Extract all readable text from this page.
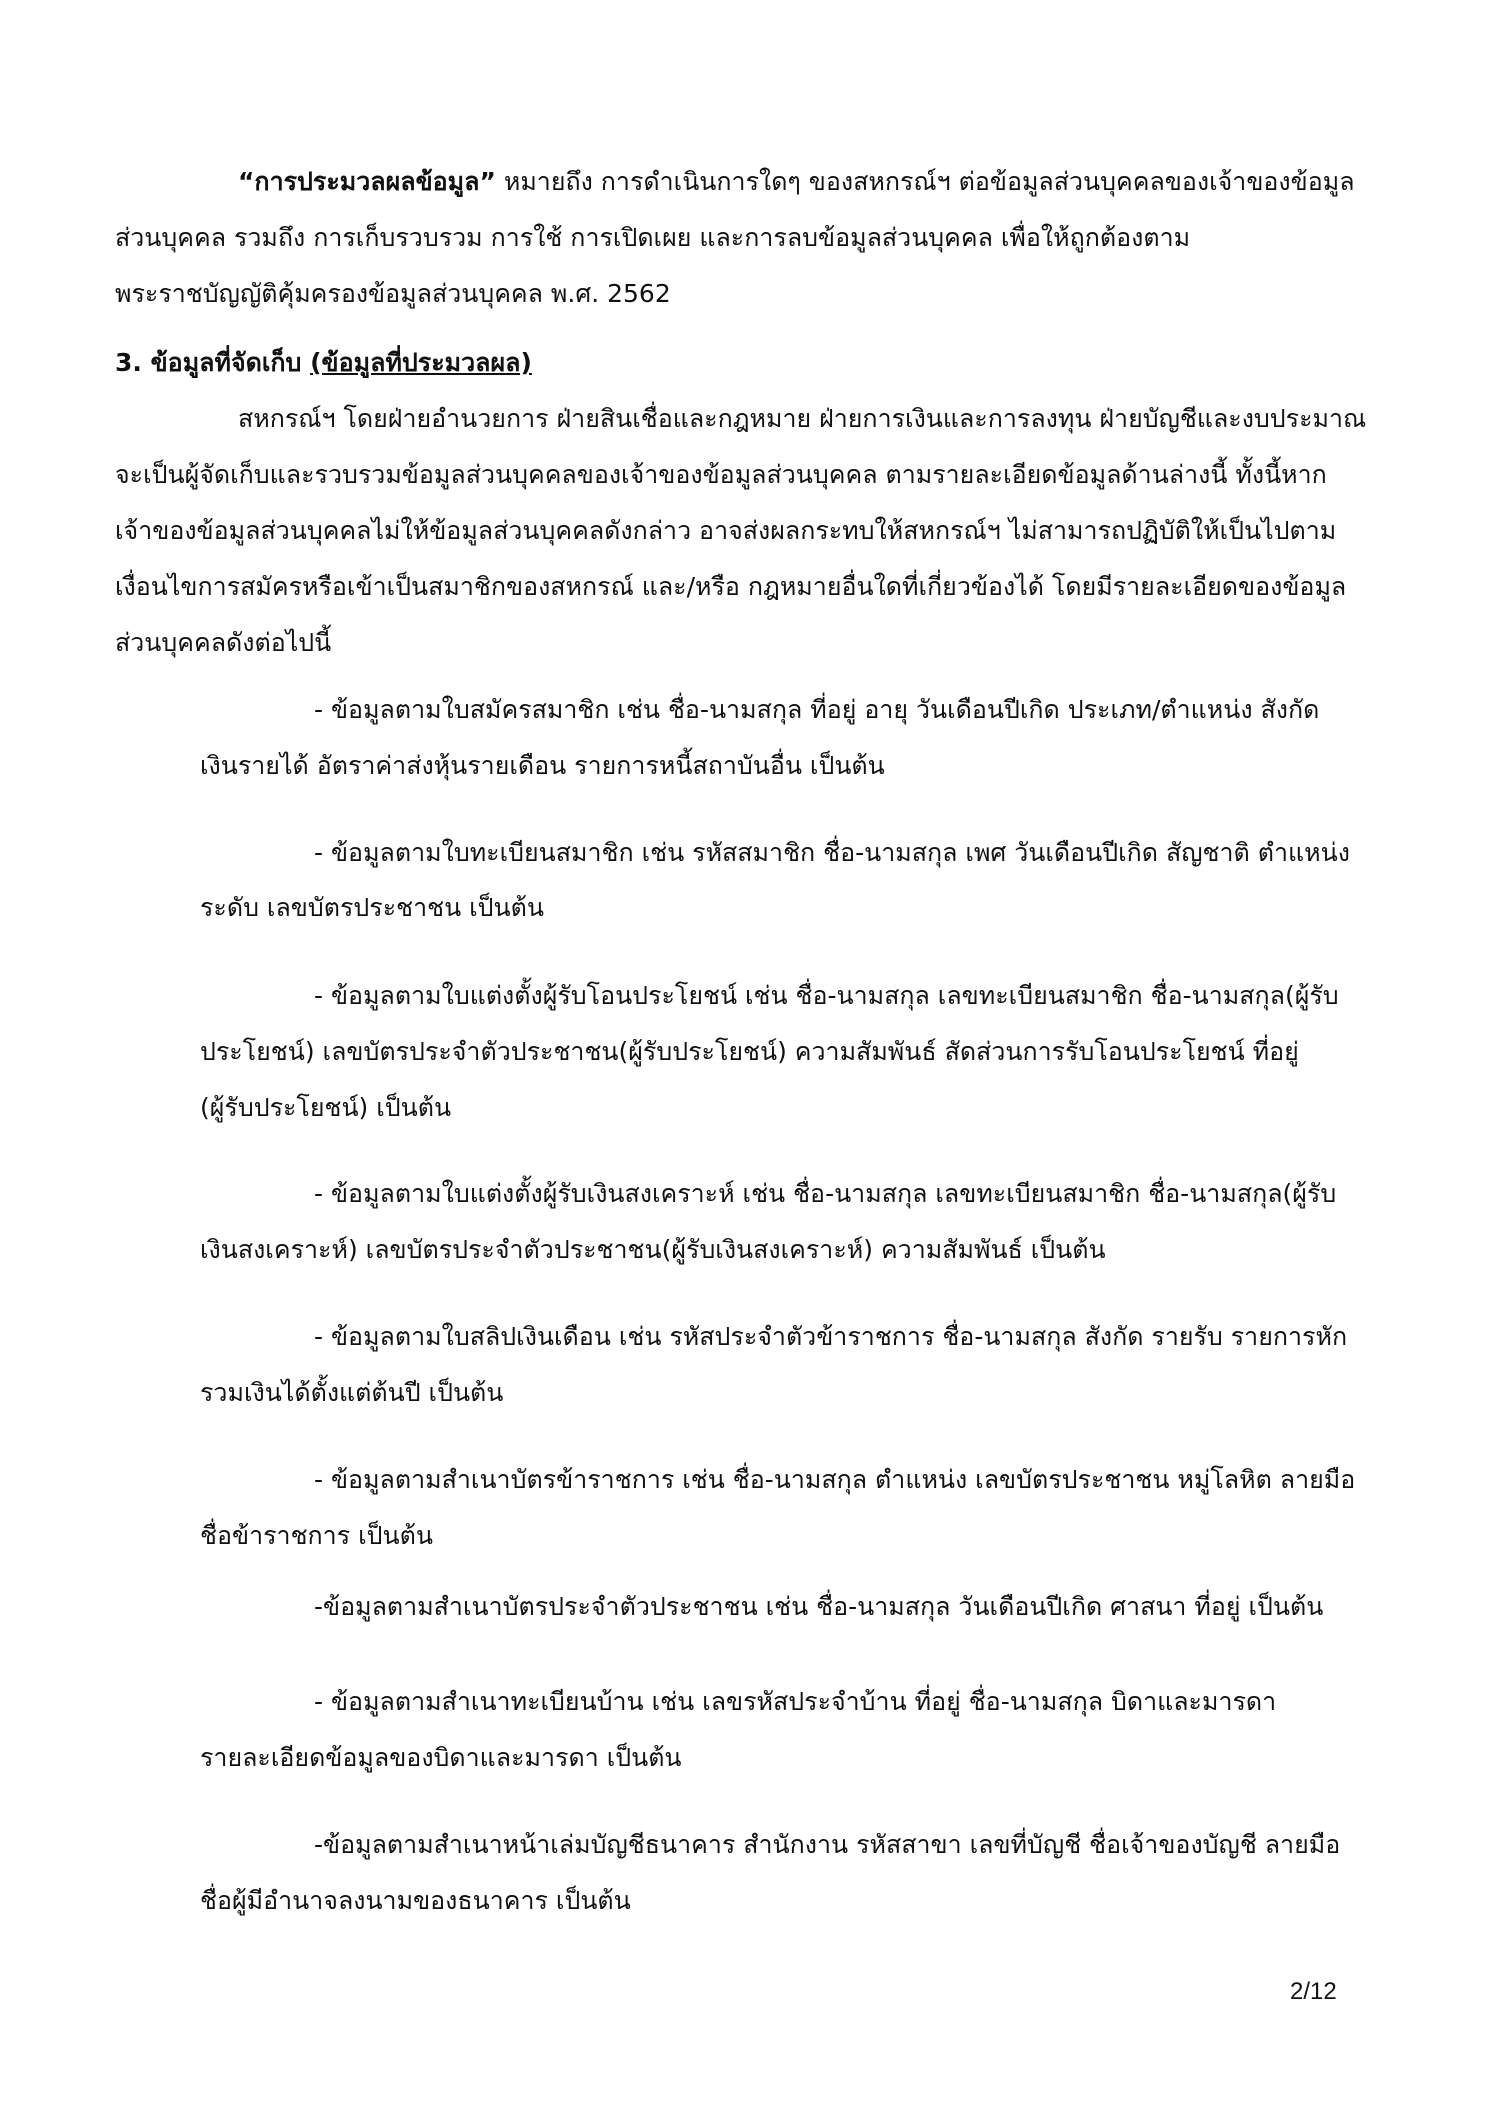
“การประมวลผลข้อมูล” หมายถึง การดำเนินการใดๆ ของสหกรณ์ฯ ต่อข้อมูลส่วนบุคคลของเจ้าของข้อมูล
ส่วนบุคคล รวมถึง การเก็บรวบรวม การใช้ การเปิดเผย และการลบข้อมูลส่วนบุคคล เพื่อให้ถูกต้องตาม
พระราชบัญญัติคุ้มครองข้อมูลส่วนบุคคล พ.ศ. 2562
3. ข้อมูลที่จัดเก็บ (ข้อมูลที่ประมวลผล)
สหกรณ์ฯ โดยฝ่ายอำนวยการ ฝ่ายสินเชื่อและกฎหมาย ฝ่ายการเงินและการลงทุน ฝ่ายบัญชีและงบประมาณ
จะเป็นผู้จัดเก็บและรวบรวมข้อมูลส่วนบุคคลของเจ้าของข้อมูลส่วนบุคคล ตามรายละเอียดข้อมูลด้านล่างนี้ ทั้งนี้หาก
เจ้าของข้อมูลส่วนบุคคลไม่ให้ข้อมูลส่วนบุคคลดังกล่าว อาจส่งผลกระทบให้สหกรณ์ฯ ไม่สามารถปฏิบัติให้เป็นไปตาม
เงื่อนไขการสมัครหรือเข้าเป็นสมาชิกของสหกรณ์ และ/หรือ กฎหมายอื่นใดที่เกี่ยวข้องได้ โดยมีรายละเอียดของข้อมูล
ส่วนบุคคลดังต่อไปนี้
- ข้อมูลตามใบสมัครสมาชิก เช่น ชื่อ-นามสกุล ที่อยู่ อายุ วันเดือนปีเกิด ประเภท/ตำแหน่ง สังกัด
เงินรายได้ อัตราค่าส่งหุ้นรายเดือน รายการหนี้สถาบันอื่น เป็นต้น
- ข้อมูลตามใบทะเบียนสมาชิก เช่น รหัสสมาชิก ชื่อ-นามสกุล เพศ วันเดือนปีเกิด สัญชาติ ตำแหน่ง
ระดับ เลขบัตรประชาชน เป็นต้น
- ข้อมูลตามใบแต่งตั้งผู้รับโอนประโยชน์ เช่น ชื่อ-นามสกุล เลขทะเบียนสมาชิก ชื่อ-นามสกุล(ผู้รับ
ประโยชน์) เลขบัตรประจำตัวประชาชน(ผู้รับประโยชน์) ความสัมพันธ์ สัดส่วนการรับโอนประโยชน์ ที่อยู่
(ผู้รับประโยชน์) เป็นต้น
- ข้อมูลตามใบแต่งตั้งผู้รับเงินสงเคราะห์ เช่น ชื่อ-นามสกุล เลขทะเบียนสมาชิก ชื่อ-นามสกุล(ผู้รับ
เงินสงเคราะห์) เลขบัตรประจำตัวประชาชน(ผู้รับเงินสงเคราะห์) ความสัมพันธ์ เป็นต้น
- ข้อมูลตามใบสลิปเงินเดือน เช่น รหัสประจำตัวข้าราชการ ชื่อ-นามสกุล สังกัด รายรับ รายการหัก
รวมเงินได้ตั้งแต่ต้นปี เป็นต้น
- ข้อมูลตามสำเนาบัตรข้าราชการ เช่น ชื่อ-นามสกุล ตำแหน่ง เลขบัตรประชาชน หมู่โลหิต ลายมือ
ชื่อข้าราชการ เป็นต้น
-ข้อมูลตามสำเนาบัตรประจำตัวประชาชน เช่น ชื่อ-นามสกุล วันเดือนปีเกิด ศาสนา ที่อยู่ เป็นต้น
- ข้อมูลตามสำเนาทะเบียนบ้าน เช่น เลขรหัสประจำบ้าน ที่อยู่ ชื่อ-นามสกุล บิดาและมารดา
รายละเอียดข้อมูลของบิดาและมารดา เป็นต้น
-ข้อมูลตามสำเนาหน้าเล่มบัญชีธนาคาร สำนักงาน รหัสสาขา เลขที่บัญชี ชื่อเจ้าของบัญชี ลายมือ
ชื่อผู้มีอำนาจลงนามของธนาคาร เป็นต้น
2/12
